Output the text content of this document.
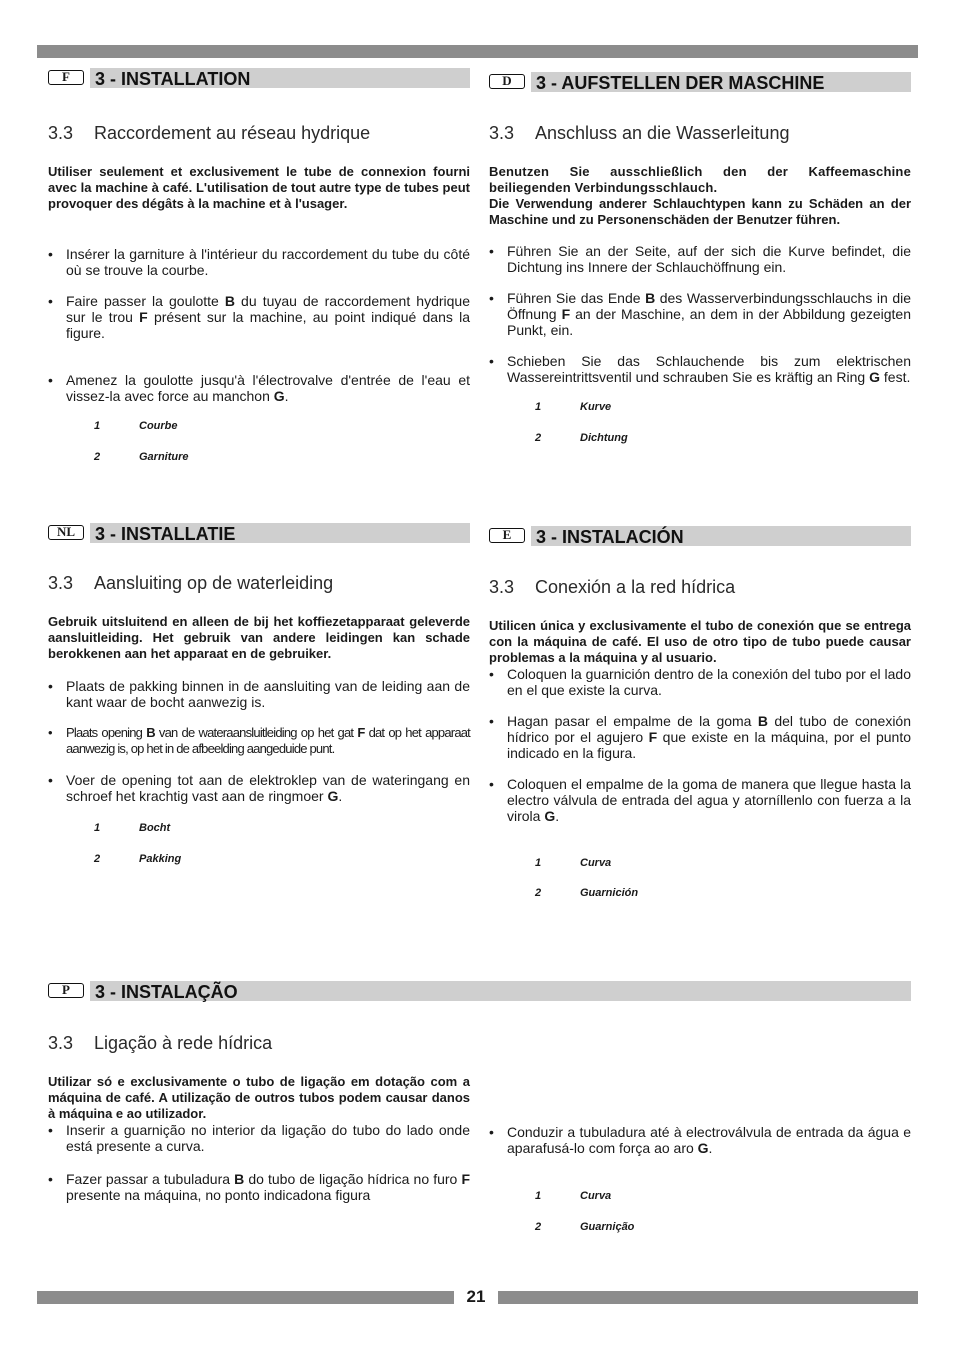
F	3 - INSTALLATION
3.3 Raccordement au réseau hydrique

Utiliser seulement et exclusivement le tube de connexion fourni avec la machine à café. L'utilisation de tout autre type de tubes peut provoquer des dégâts à la machine et à l'usager.

• Insérer la garniture à l'intérieur du raccordement du tube du côté où se trouve la courbe.
• Faire passer la goulotte B du tuyau de raccordement hydrique sur le trou F présent sur la machine, au point indiqué dans la figure.
• Amenez la goulotte jusqu'à l'électrovalve d'entrée de l'eau et vissez-la avec force au manchon G.
1	Courbe
2	Garniture
D	3 - AUFSTELLEN DER MASCHINE
3.3 Anschluss an die Wasserleitung

Benutzen Sie ausschließlich den der Kaffeemaschine beiliegenden Verbindungsschlauch.

Die Verwendung anderer Schlauchtypen kann zu Schäden an der Maschine und zu Personenschäden der Benutzer führen.

• Führen Sie an der Seite, auf der sich die Kurve befindet, die Dichtung ins Innere der Schlauchöffnung ein.
• Führen Sie das Ende B des Wasserverbindungsschlauchs in die Öffnung F an der Maschine, an dem in der Abbildung gezeigten Punkt, ein.
• Schieben Sie das Schlauchende bis zum elektrischen Wassereintrittsventil und schrauben Sie es kräftig an Ring G fest.
1	Kurve
2	Dichtung
NL	3 - INSTALLATIE
3.3 Aansluiting op de waterleiding

Gebruik uitsluitend en alleen de bij het koffiezetapparaat geleverde aansluitleiding. Het gebruik van andere leidingen kan schade berokkenen aan het apparaat en de gebruiker.

• Plaats de pakking binnen in de aansluiting van de leiding aan de kant waar de bocht aanwezig is.
• Plaats opening B van de wateraansluitleiding op het gat F dat op het apparaat aanwezig is, op het in de afbeelding aangeduide punt.
• Voer de opening tot aan de elektroklep van de wateringang en schroef het krachtig vast aan de ringmoer G.
1	Bocht
2	Pakking
E	3 - INSTALACIÓN
3.3 Conexión a la red hídrica

Utilicen única y exclusivamente el tubo de conexión que se entrega con la máquina de café. El uso de otro tipo de tubo puede causar problemas a la máquina y al usuario.

• Coloquen la guarnición dentro de la conexión del tubo por el lado en el que existe la curva.
• Hagan pasar el empalme de la goma B del tubo de conexión hídrico por el agujero F que existe en la máquina, por el punto indicado en la figura.
• Coloquen el empalme de la goma de manera que llegue hasta la electro válvula de entrada del agua y atorníllenlo con fuerza a la virola G.
1	Curva
2	Guarnición
P	3 - INSTALAÇÃO
3.3 Ligação à rede hídrica

Utilizar só e exclusivamente o tubo de ligação em dotação com a máquina de café. A utilização de outros tubos podem causar danos à máquina e ao utilizador.

• Inserir a guarnição no interior da ligação do tubo do lado onde está presente a curva.
• Fazer passar a tubuladura B do tubo de ligação hídrica no furo F presente na máquina, no ponto indicadona figura
• Conduzir a tubuladura até à electroválvula de entrada da água e aparafusá-lo com força ao aro G.
1	Curva
2	Guarnição
21
